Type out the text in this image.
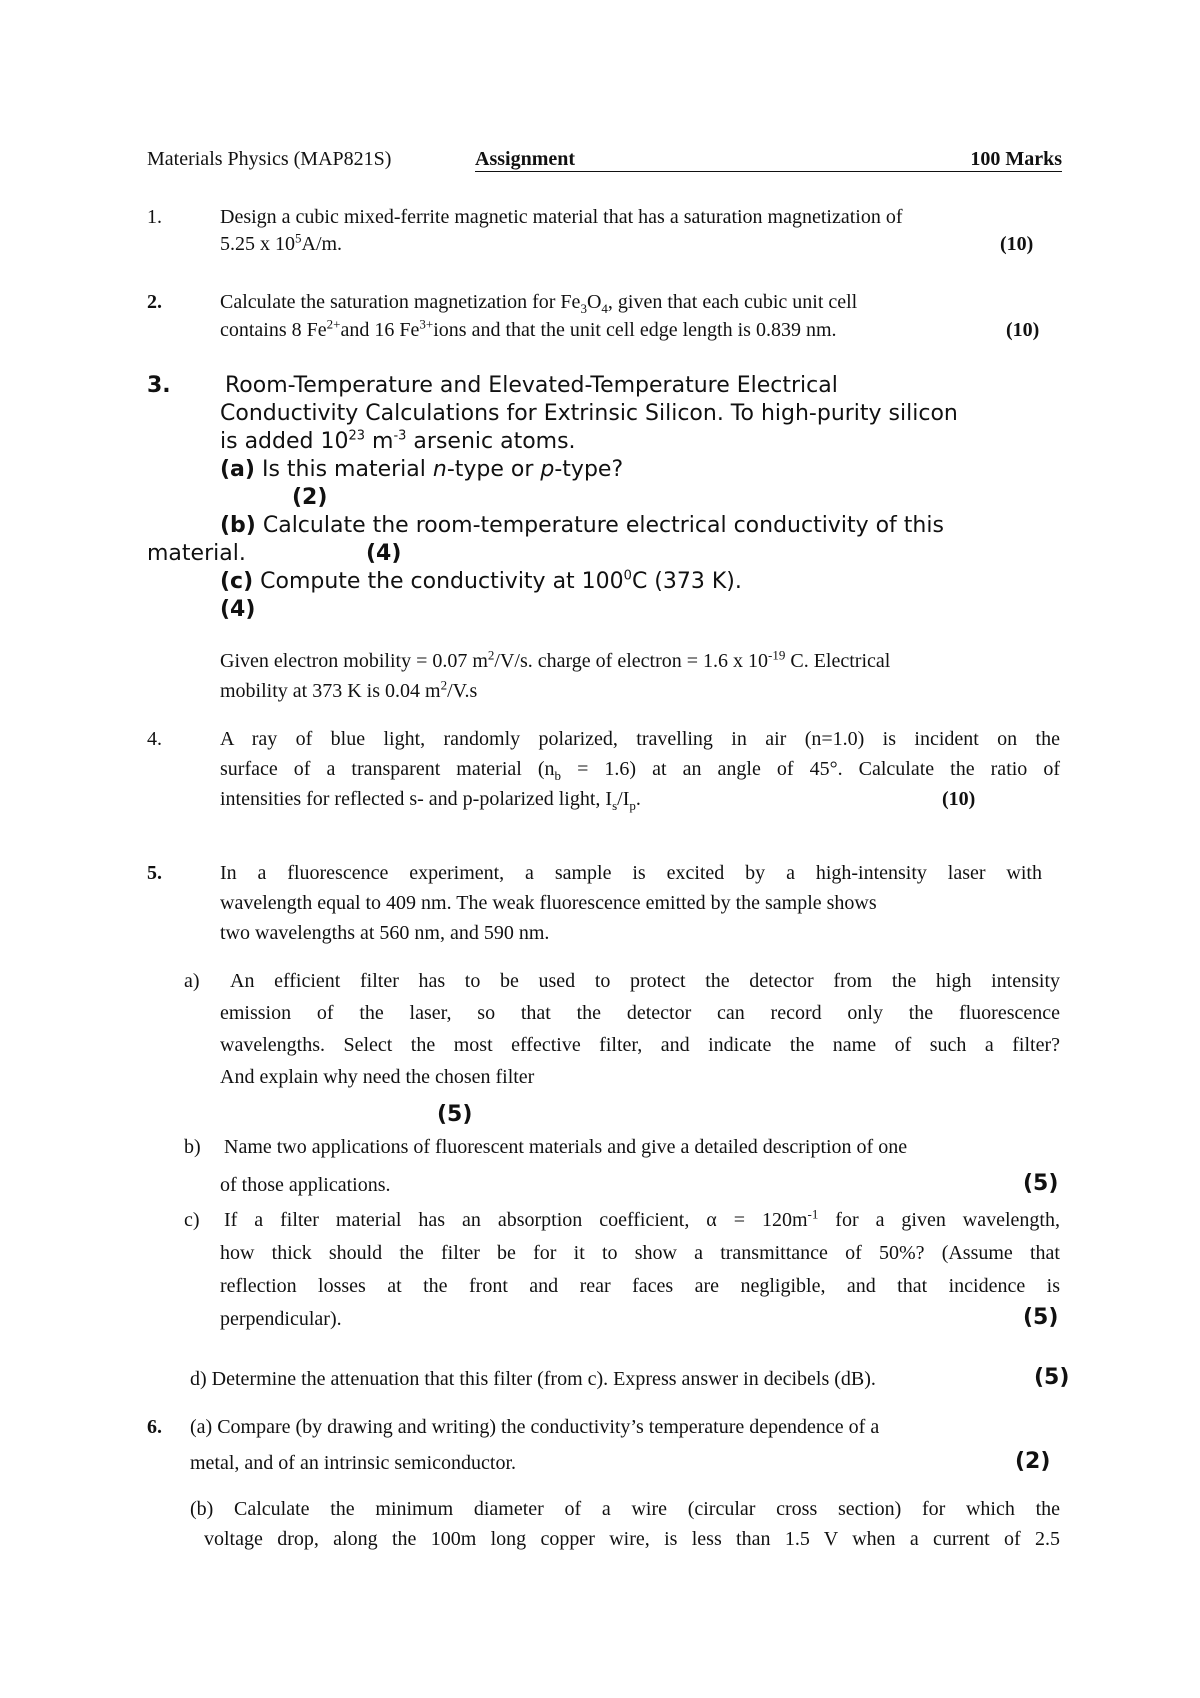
Materials Physics (MAP821S)	Assignment	100 Marks
1.	Design a cubic mixed-ferrite magnetic material that has a saturation magnetization of
5.25 x $10^5A/m$.	(10)
2.	Calculate the saturation magnetization for $Fe_3O_4$, given that each cubic unit cell
contains 8 $Fe^{2+}and$ 16 $Fe^{3+}ions$ and that the unit cell edge length is 0.839 nm.	(10)
3. Room-Temperature and Elevated-Temperature Electrical
Conductivity Calculations for Extrinsic Silicon. To high-purity silicon
is added $10^{23}$ $m^{-3}$ arsenic atoms.
(a) Is this material n-type or p-type?
(2)
(b) Calculate the room-temperature electrical conductivity of this
material.	(4)
(c) Compute the conductivity at $100^0C$ (373 K).
(4)
Given electron mobility = 0.07 $m^2/V/s$. charge of electron = 1.6 x $10^{-19}$ C. Electrical
mobility at 373 K is 0.04 $m^2/V.s$
4.	A ray of blue light, randomly polarized, travelling in air (n=1.0) is incident on the
surface of a transparent material $(n_b = 1.6)$ at an angle of 45°. Calculate the ratio of
intensities for reflected s- and p-polarized light, $I_s/I_p$.	(10)
5.	In a fluorescence experiment, a sample is excited by a high-intensity laser with
wavelength equal to 409 nm. The weak fluorescence emitted by the sample shows
two wavelengths at 560 nm, and 590 nm.
a)	An efficient filter has to be used to protect the detector from the high intensity
emission of the laser, so that the detector can record only the fluorescence
wavelengths. Select the most effective filter, and indicate the name of such a filter?
And explain why need the chosen filter
(5)
b) Name two applications of fluorescent materials and give a detailed description of one
of those applications.	(5)
c) If a filter material has an absorption coefficient, $\alpha = 120m^{-1}$ for a given wavelength,
how thick should the filter be for it to show a transmittance of 50%? (Assume that
reflection losses at the front and rear faces are negligible, and that incidence is
perpendicular).	(5)
d) Determine the attenuation that this filter (from c). Express answer in decibels (dB).	(5)
6. (a) Compare (by drawing and writing) the conductivity’s temperature dependence of a
metal, and of an intrinsic semiconductor.	(2)
(b) Calculate the minimum diameter of a wire (circular cross section) for which the
voltage drop, along the 100m long copper wire, is less than 1.5 V when a current of 2.5
